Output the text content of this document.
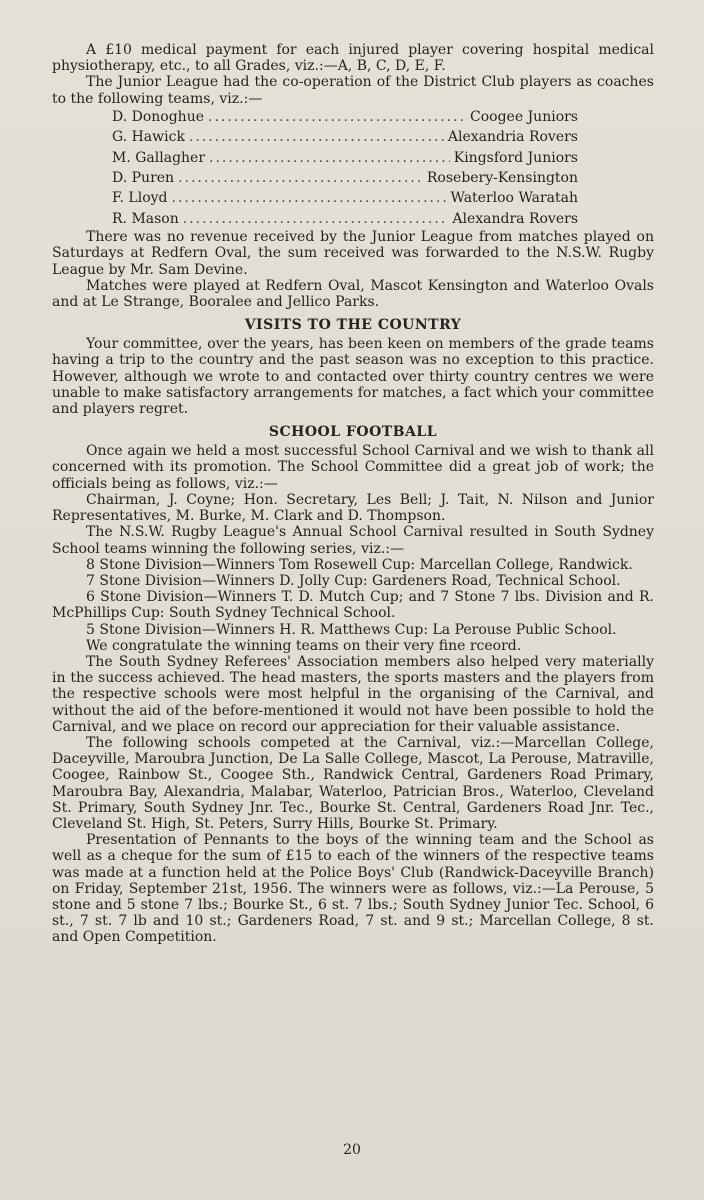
A £10 medical payment for each injured player covering hospital medical physiotherapy, etc., to all Grades, viz.:—A, B, C, D, E, F.

The Junior League had the co-operation of the District Club players as coaches to the following teams, viz.:—

D. Donoghue .....	Coogee Juniors
G. Hawick .....	Alexandria Rovers
M. Gallagher .....	Kingsford Juniors
D. Puren .....	Rosebery-Kensington
F. Lloyd .....	Waterloo Waratah
R. Mason .....	Alexandra Rovers

There was no revenue received by the Junior League from matches played on Saturdays at Redfern Oval, the sum received was forwarded to the N.S.W. Rugby League by Mr. Sam Devine.

Matches were played at Redfern Oval, Mascot Kensington and Waterloo Ovals and at Le Strange, Booralee and Jellico Parks.

VISITS TO THE COUNTRY

Your committee, over the years, has been keen on members of the grade teams having a trip to the country and the past season was no exception to this practice. However, although we wrote to and contacted over thirty country centres we were unable to make satisfactory arrangements for matches, a fact which your committee and players regret.

SCHOOL FOOTBALL

Once again we held a most successful School Carnival and we wish to thank all concerned with its promotion. The School Committee did a great job of work; the officials being as follows, viz.:—

Chairman, J. Coyne; Hon. Secretary, Les Bell; J. Tait, N. Nilson and Junior Representatives, M. Burke, M. Clark and D. Thompson.

The N.S.W. Rugby League's Annual School Carnival resulted in South Sydney School teams winning the following series, viz.:—

8 Stone Division—Winners Tom Rosewell Cup: Marcellan College, Randwick.

7 Stone Division—Winners D. Jolly Cup: Gardeners Road, Technical School.

6 Stone Division—Winners T. D. Mutch Cup; and 7 Stone 7 lbs. Division and R. McPhillips Cup: South Sydney Technical School.

5 Stone Division—Winners H. R. Matthews Cup: La Perouse Public School.

We congratulate the winning teams on their very fine rceord.

The South Sydney Referees' Association members also helped very materially in the success achieved. The head masters, the sports masters and the players from the respective schools were most helpful in the organising of the Carnival, and without the aid of the before-mentioned it would not have been possible to hold the Carnival, and we place on record our appreciation for their valuable assistance.

The following schools competed at the Carnival, viz.:—Marcellan College, Daceyville, Maroubra Junction, De La Salle College, Mascot, La Perouse, Matraville, Coogee, Rainbow St., Coogee Sth., Randwick Central, Gardeners Road Primary, Maroubra Bay, Alexandria, Malabar, Waterloo, Patrician Bros., Waterloo, Cleveland St. Primary, South Sydney Jnr. Tec., Bourke St. Central, Gardeners Road Jnr. Tec., Cleveland St. High, St. Peters, Surry Hills, Bourke St. Primary.

Presentation of Pennants to the boys of the winning team and the School as well as a cheque for the sum of £15 to each of the winners of the respective teams was made at a function held at the Police Boys' Club (Randwick-Daceyville Branch) on Friday, September 21st, 1956. The winners were as follows, viz.:—La Perouse, 5 stone and 5 stone 7 lbs.; Bourke St., 6 st. 7 lbs.; South Sydney Junior Tec. School, 6 st., 7 st. 7 lb and 10 st.; Gardeners Road, 7 st. and 9 st.; Marcellan College, 8 st. and Open Competition.

20
